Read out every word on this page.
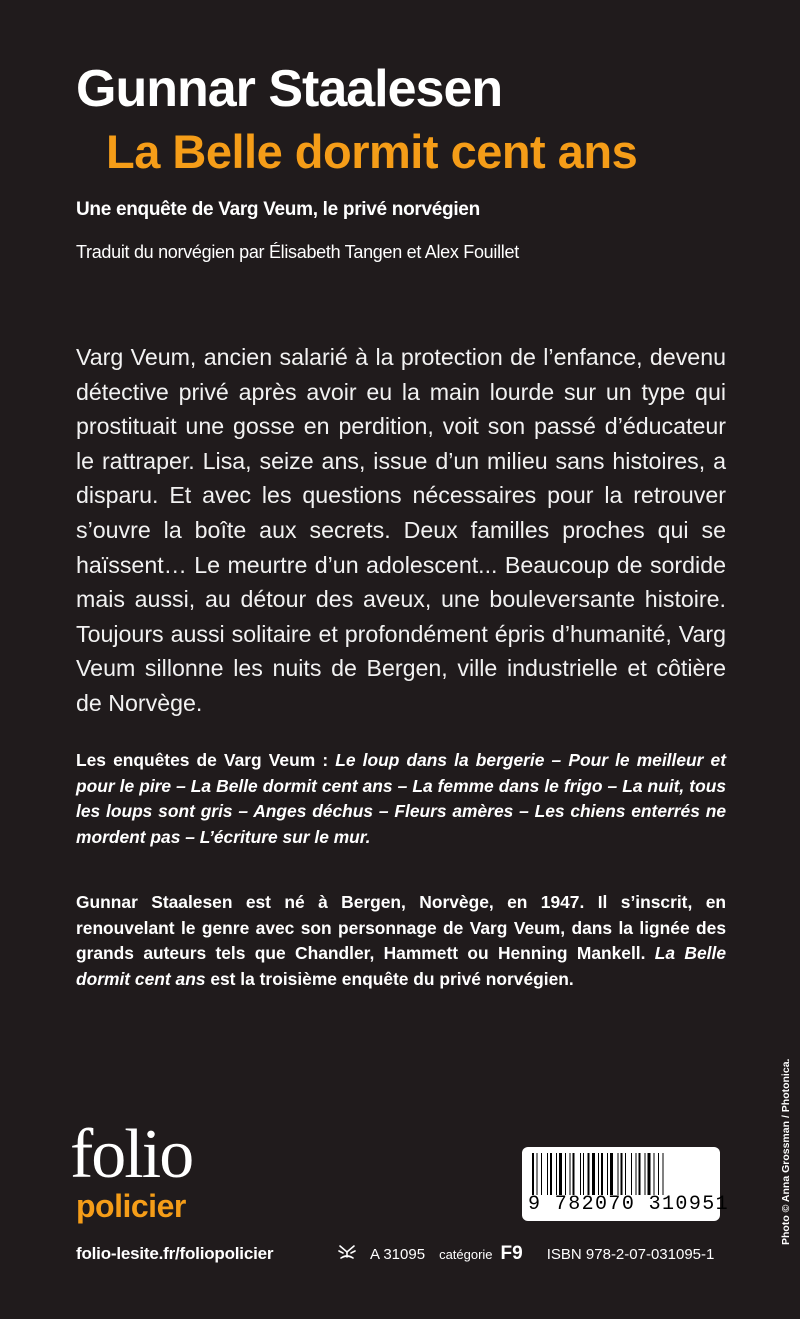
Gunnar Staalesen
La Belle dormit cent ans

Une enquête de Varg Veum, le privé norvégien

Traduit du norvégien par Élisabeth Tangen et Alex Fouillet

Varg Veum, ancien salarié à la protection de l’enfance, devenu détective privé après avoir eu la main lourde sur un type qui prostituait une gosse en perdition, voit son passé d’éducateur le rattraper. Lisa, seize ans, issue d’un milieu sans histoires, a disparu. Et avec les questions nécessaires pour la retrouver s’ouvre la boîte aux secrets. Deux familles proches qui se haïssent… Le meurtre d’un adolescent... Beaucoup de sordide mais aussi, au détour des aveux, une bouleversante histoire. Toujours aussi solitaire et profondément épris d’humanité, Varg Veum sillonne les nuits de Bergen, ville industrielle et côtière de Norvège.

Les enquêtes de Varg Veum : Le loup dans la bergerie – Pour le meilleur et pour le pire – La Belle dormit cent ans – La femme dans le frigo – La nuit, tous les loups sont gris – Anges déchus – Fleurs amères – Les chiens enterrés ne mordent pas – L’écriture sur le mur.

Gunnar Staalesen est né à Bergen, Norvège, en 1947. Il s’inscrit, en renouvelant le genre avec son personnage de Varg Veum, dans la lignée des grands auteurs tels que Chandler, Hammett ou Henning Mankell. La Belle dormit cent ans est la troisième enquête du privé norvégien.

Photo © Anna Grossman / Photonica.
folio
policier

folio-lesite.fr/foliopolicier

9 782070 310951
A 31095 catégorie F9 ISBN 978-2-07-031095-1
